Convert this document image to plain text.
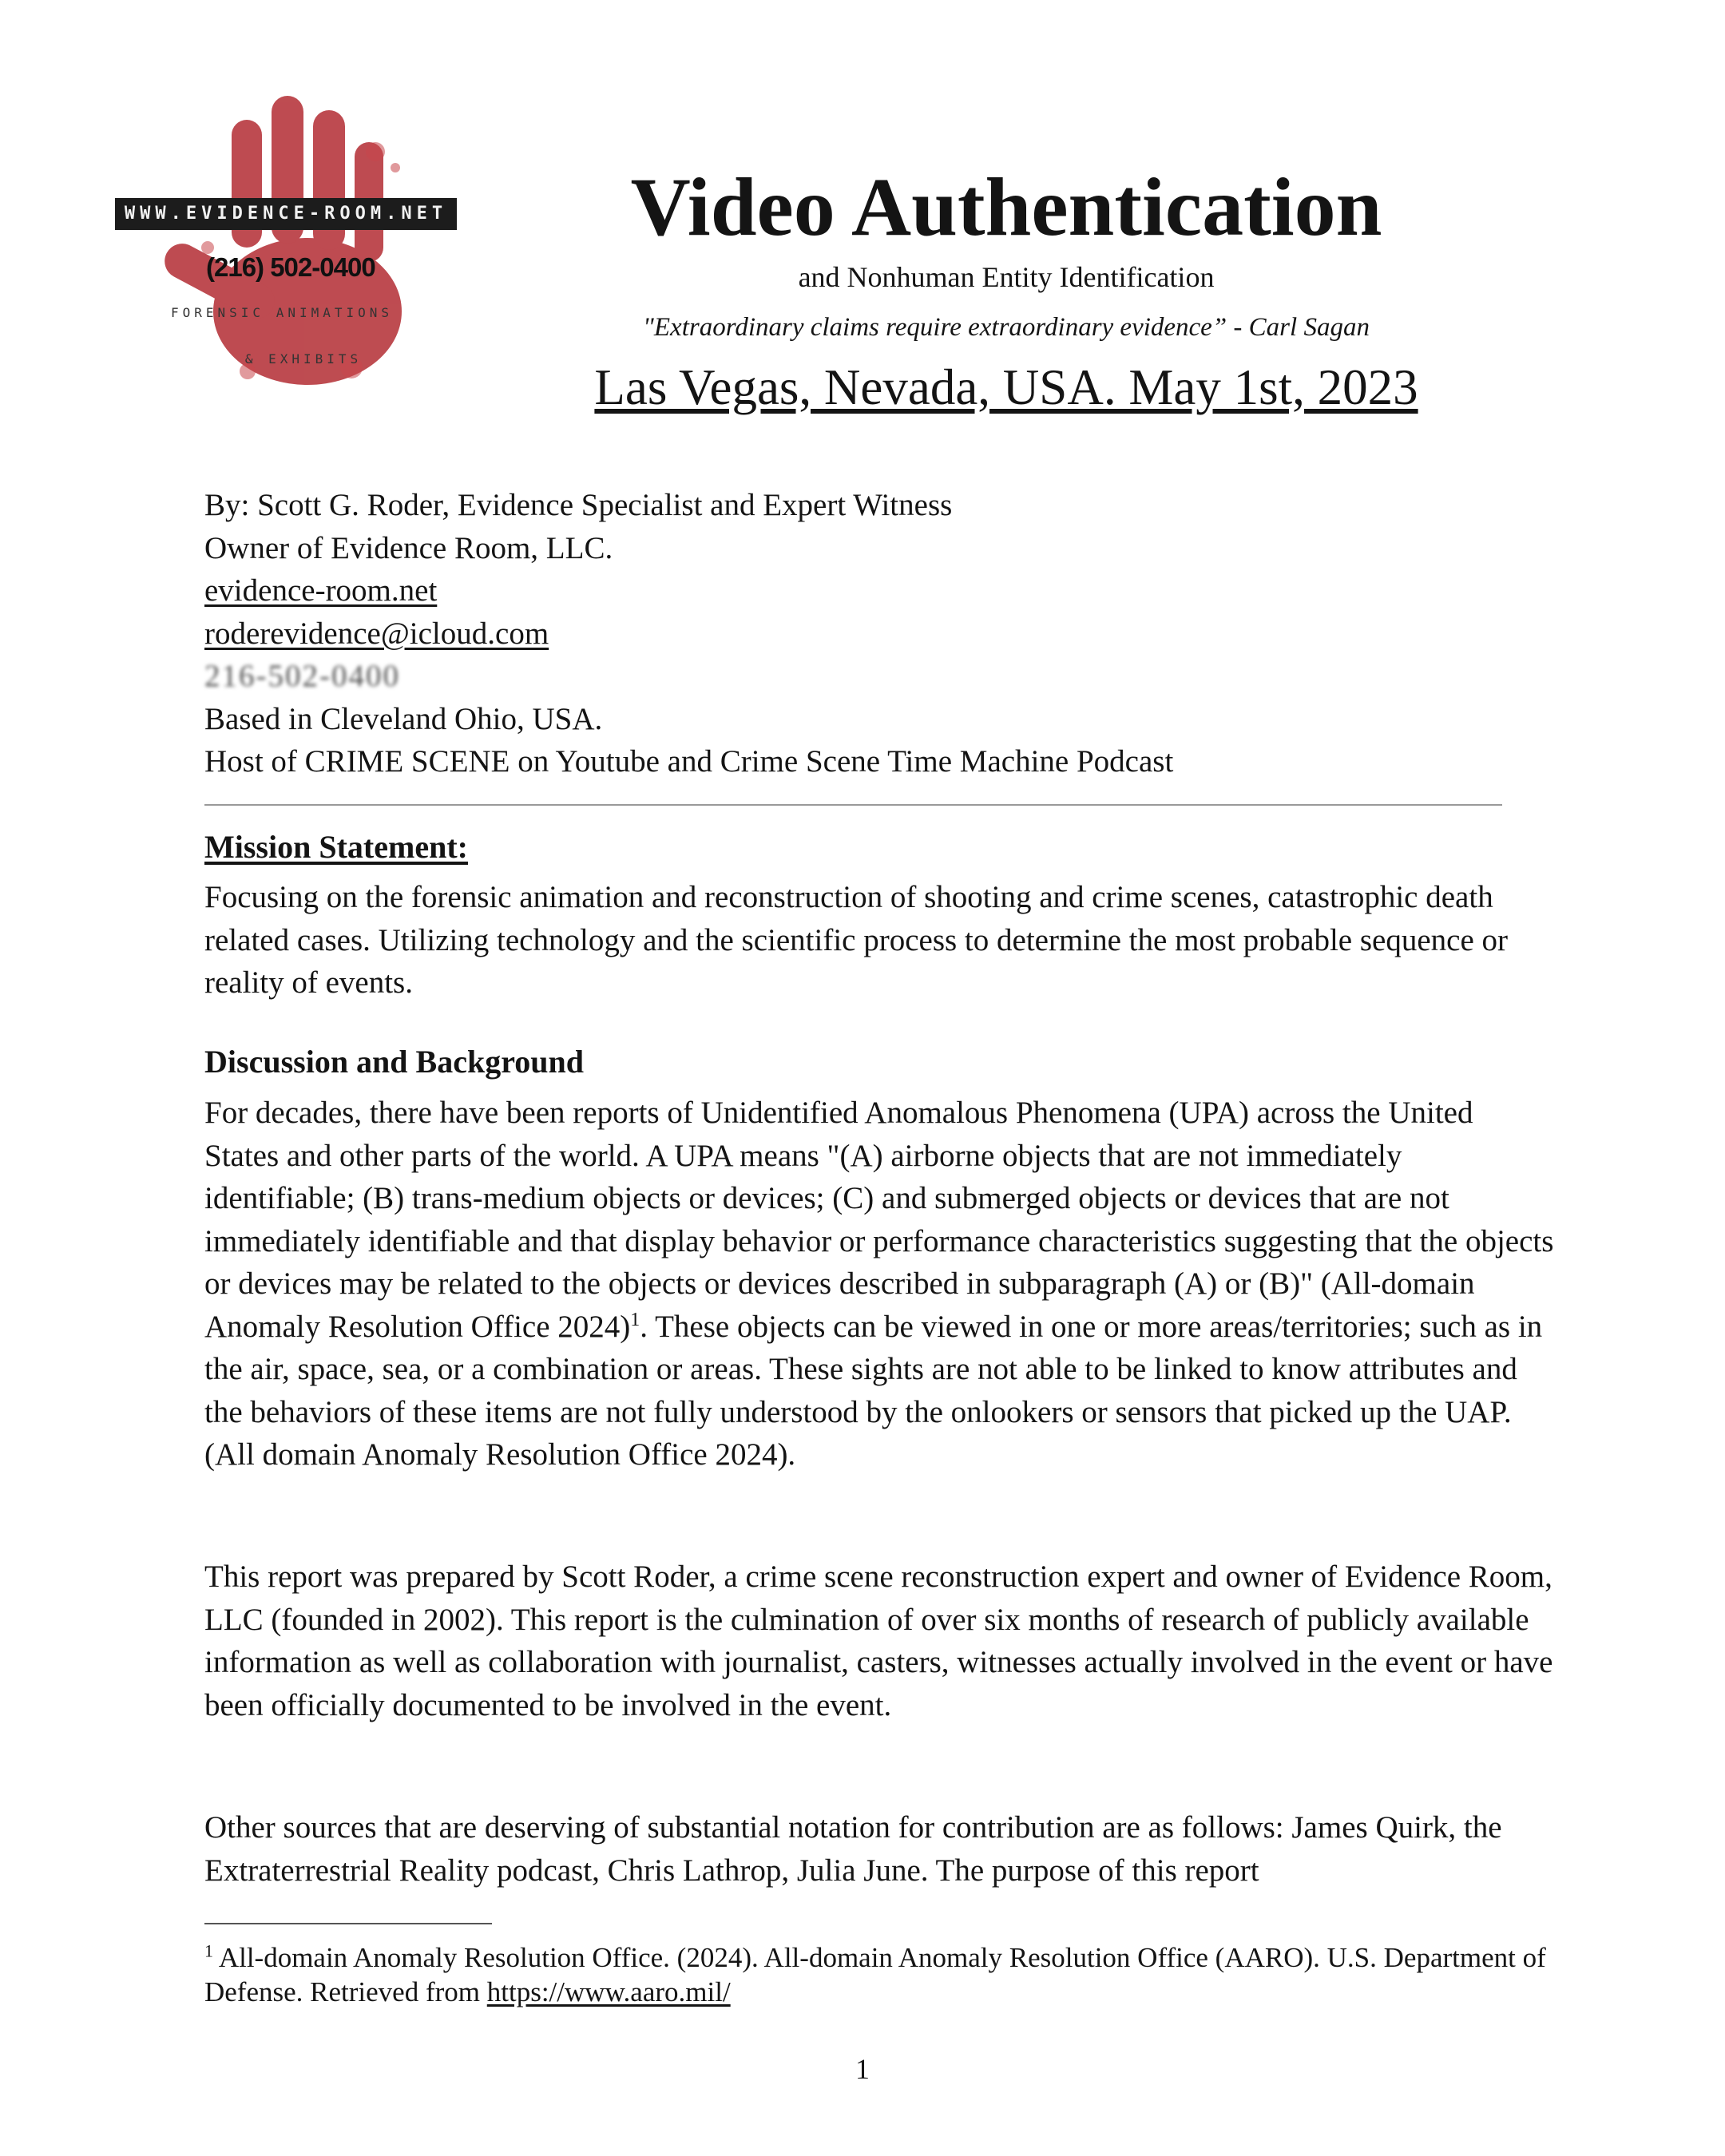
WWW.EVIDENCE-ROOM.NET
(216) 502-0400
FORENSIC ANIMATIONS
& EXHIBITS
Video Authentication
and Nonhuman Entity Identification
"Extraordinary claims require extraordinary evidence” - Carl Sagan
Las Vegas, Nevada, USA. May 1st, 2023
By: Scott G. Roder, Evidence Specialist and Expert Witness
Owner of Evidence Room, LLC.
evidence-room.net
roderevidence@icloud.com
216-502-0400
Based in Cleveland Ohio, USA.
Host of CRIME SCENE on Youtube and Crime Scene Time Machine Podcast
Mission Statement:
Focusing on the forensic animation and reconstruction of shooting and crime scenes, catastrophic death related cases. Utilizing technology and the scientific process to determine the most probable sequence or reality of events.
Discussion and Background
For decades, there have been reports of Unidentified Anomalous Phenomena (UPA) across the United States and other parts of the world. A UPA means "(A) airborne objects that are not immediately identifiable; (B) trans-medium objects or devices; (C) and submerged objects or devices that are not immediately identifiable and that display behavior or performance characteristics suggesting that the objects or devices may be related to the objects or devices described in subparagraph (A) or (B)" (All-domain Anomaly Resolution Office 2024)$^1$. These objects can be viewed in one or more areas/territories; such as in the air, space, sea, or a combination or areas. These sights are not able to be linked to know attributes and the behaviors of these items are not fully understood by the onlookers or sensors that picked up the UAP. (All domain Anomaly Resolution Office 2024).
This report was prepared by Scott Roder, a crime scene reconstruction expert and owner of Evidence Room, LLC (founded in 2002). This report is the culmination of over six months of research of publicly available information as well as collaboration with journalist, casters, witnesses actually involved in the event or have been officially documented to be involved in the event.
Other sources that are deserving of substantial notation for contribution are as follows: James Quirk, the Extraterrestrial Reality podcast, Chris Lathrop, Julia June. The purpose of this report
$^1$ All-domain Anomaly Resolution Office. (2024). All-domain Anomaly Resolution Office (AARO). U.S. Department of Defense. Retrieved from https://www.aaro.mil/
1
